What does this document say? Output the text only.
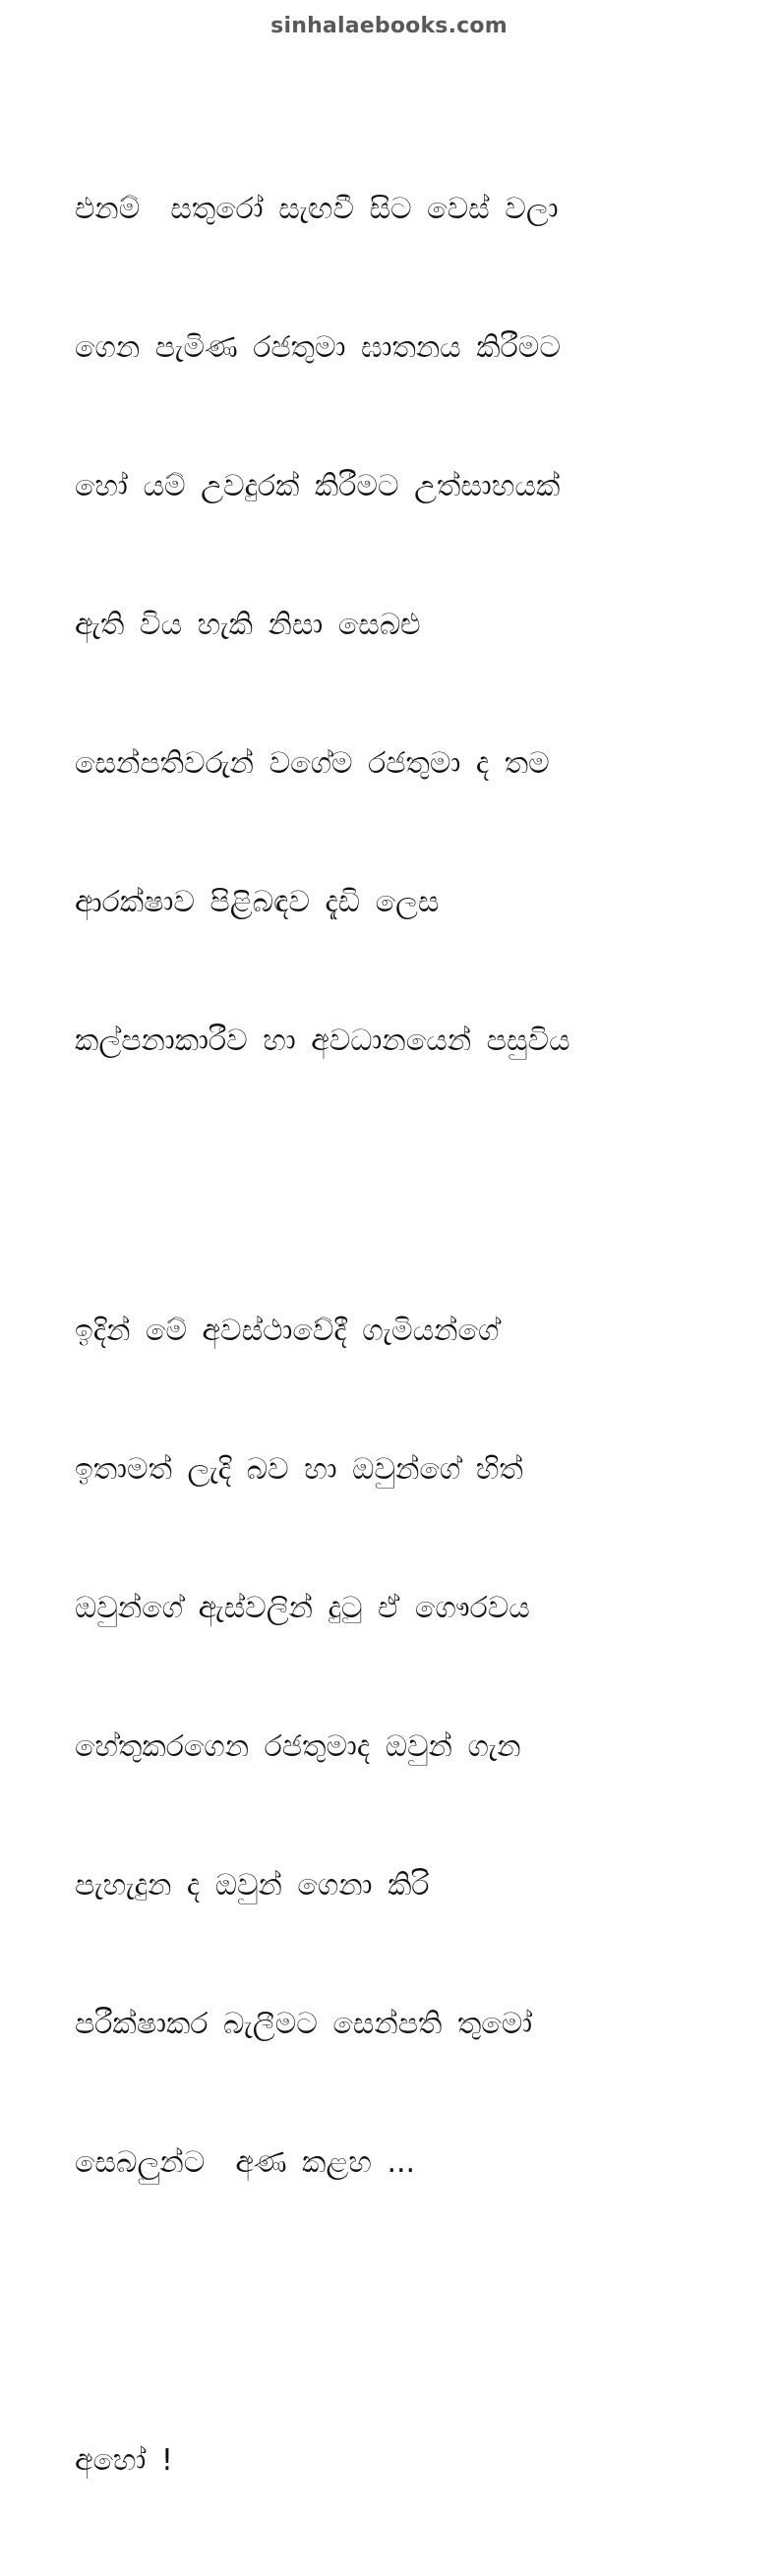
sinhalaebooks.com

එනම්  සතුරෝ සැඟවී සිට වෙස් වලා

ගෙන පැමිණ රජතුමා ඝාතනය කිරීමට

හෝ යම් උවදුරක් කිරීමට උත්සාහයක්

ඇති විය හැකි නිසා සෙබළු

සෙන්පතිවරුන් වගේම රජතුමා ද තම

ආරක්ෂාව පිළිබඳව දැඩි ලෙස

කල්පනාකාරීව හා අවධානයෙන් පසුවිය

ඉදින් මේ අවස්ථාවේදී ගැමියන්ගේ

ඉතාමත් ලැදි බව හා ඔවුන්ගේ හිත්

ඔවුන්ගේ ඇස්වලින් දුටු ඒ ගෞරවය

හේතුකරගෙන රජතුමාද ඔවුන් ගැන

පැහැදුන ද ඔවුන් ගෙනා කිරි

පරීක්ෂාකර බැලීමට සෙන්පති තුමෝ

සෙබලුන්ට  අණ කළහ ...

අහෝ !
